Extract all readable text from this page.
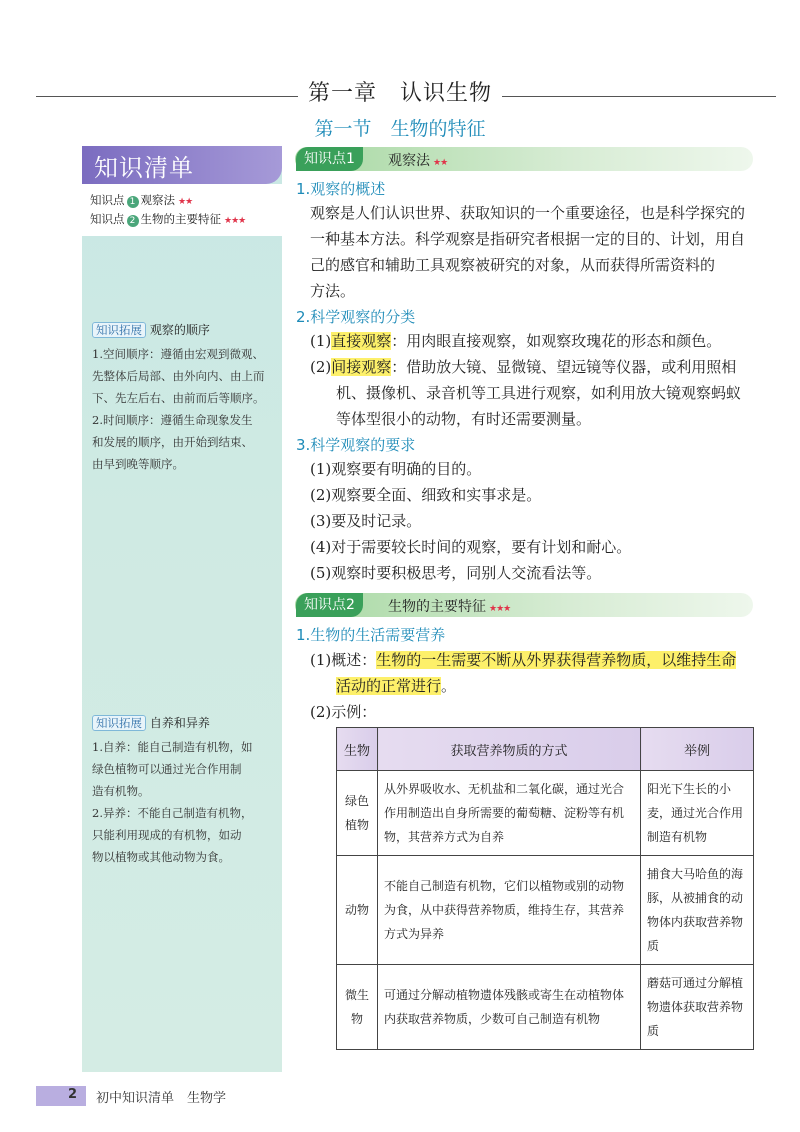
第一章　认识生物
第一节　生物的特征
知识清单
知识点 1 观察法 ★★
知识点 2 生物的主要特征 ★★★
知识拓展 观察的顺序
1.空间顺序：遵循由宏观到微观、
先整体后局部、由外向内、由上而
下、先左后右、由前而后等顺序。
2.时间顺序：遵循生命现象发生
和发展的顺序，由开始到结束、
由早到晚等顺序。
知识拓展 自养和异养
1.自养：能自己制造有机物，如
绿色植物可以通过光合作用制
造有机物。
2.异养：不能自己制造有机物，
只能利用现成的有机物，如动
物以植物或其他动物为食。
知识点1	观察法 ★★
1.观察的概述
观察是人们认识世界、获取知识的一个重要途径，也是科学探究的
一种基本方法。科学观察是指研究者根据一定的目的、计划，用自
己的感官和辅助工具观察被研究的对象，从而获得所需资料的
方法。
2.科学观察的分类
(1)直接观察：用肉眼直接观察，如观察玫瑰花的形态和颜色。
(2)间接观察：借助放大镜、显微镜、望远镜等仪器，或利用照相
机、摄像机、录音机等工具进行观察，如利用放大镜观察蚂蚁
等体型很小的动物，有时还需要测量。
3.科学观察的要求
(1)观察要有明确的目的。
(2)观察要全面、细致和实事求是。
(3)要及时记录。
(4)对于需要较长时间的观察，要有计划和耐心。
(5)观察时要积极思考，同别人交流看法等。
知识点2	生物的主要特征 ★★★
1.生物的生活需要营养
(1)概述：生物的一生需要不断从外界获得营养物质，以维持生命
活动的正常进行。
(2)示例：
生物	获取营养物质的方式	举例
绿色植物	从外界吸收水、无机盐和二氧化碳，通过光合作用制造出自身所需要的葡萄糖、淀粉等有机物，其营养方式为自养	阳光下生长的小麦，通过光合作用制造有机物
动物	不能自己制造有机物，它们以植物或别的动物为食，从中获得营养物质，维持生存，其营养方式为异养	捕食大马哈鱼的海豚，从被捕食的动物体内获取营养物质
微生物	可通过分解动植物遗体残骸或寄生在动植物体内获取营养物质，少数可自己制造有机物	蘑菇可通过分解植物遗体获取营养物质
2 初中知识清单　生物学
